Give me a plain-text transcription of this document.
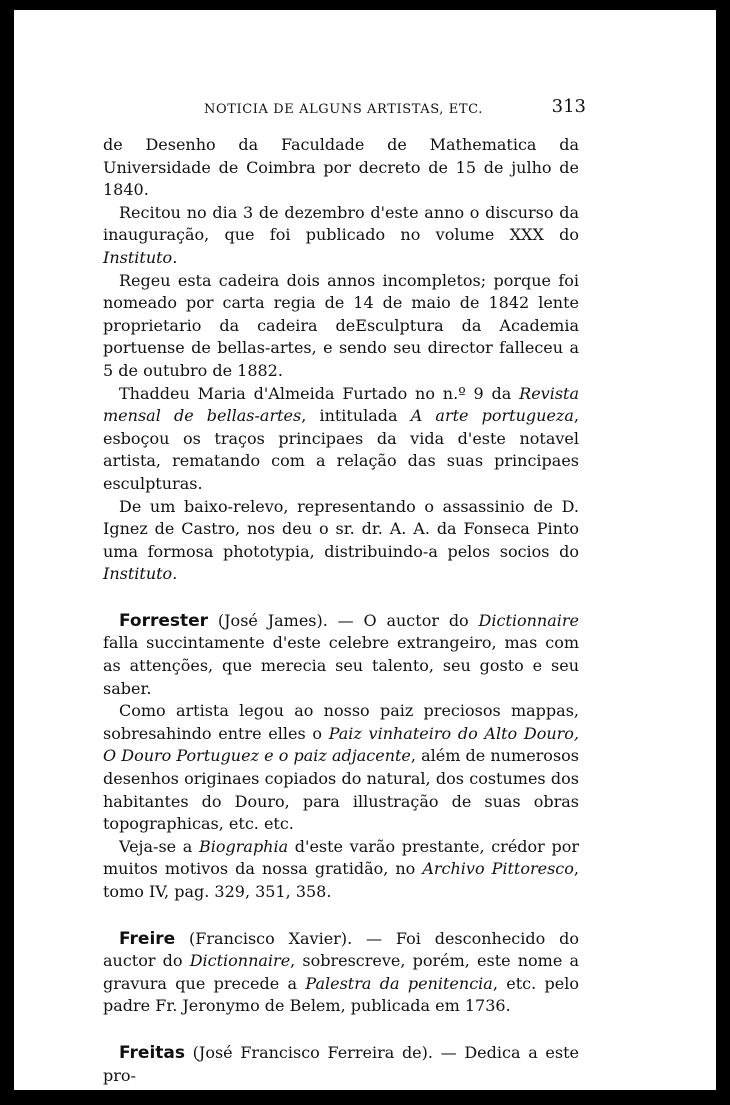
NOTICIA DE ALGUNS ARTISTAS, ETC.	313

de Desenho da Faculdade de Mathematica da Universidade de Coimbra por decreto de 15 de julho de 1840.

Recitou no dia 3 de dezembro d'este anno o discurso da inauguração, que foi publicado no volume XXX do Instituto.

Regeu esta cadeira dois annos incompletos; porque foi nomeado por carta regia de 14 de maio de 1842 lente proprietario da cadeira deEsculptura da Academia portuense de bellas-artes, e sendo seu director falleceu a 5 de outubro de 1882.

Thaddeu Maria d'Almeida Furtado no n.º 9 da Revista mensal de bellas-artes, intitulada A arte portugueza, esboçou os traços principaes da vida d'este notavel artista, rematando com a relação das suas principaes esculpturas.

De um baixo-relevo, representando o assassinio de D. Ignez de Castro, nos deu o sr. dr. A. A. da Fonseca Pinto uma formosa phototypia, distribuindo-a pelos socios do Instituto.

Forrester (José James). — O auctor do Dictionnaire falla succintamente d'este celebre extrangeiro, mas com as attenções, que merecia seu talento, seu gosto e seu saber.

Como artista legou ao nosso paiz preciosos mappas, sobresahindo entre elles o Paiz vinhateiro do Alto Douro, O Douro Portuguez e o paiz adjacente, além de numerosos desenhos originaes copiados do natural, dos costumes dos habitantes do Douro, para illustração de suas obras topographicas, etc. etc.

Veja-se a Biographia d'este varão prestante, crédor por muitos motivos da nossa gratidão, no Archivo Pittoresco, tomo IV, pag. 329, 351, 358.

Freire (Francisco Xavier). — Foi desconhecido do auctor do Dictionnaire, sobrescreve, porém, este nome a gravura que precede a Palestra da penitencia, etc. pelo padre Fr. Jeronymo de Belem, publicada em 1736.

Freitas (José Francisco Ferreira de). — Dedica a este pro-
